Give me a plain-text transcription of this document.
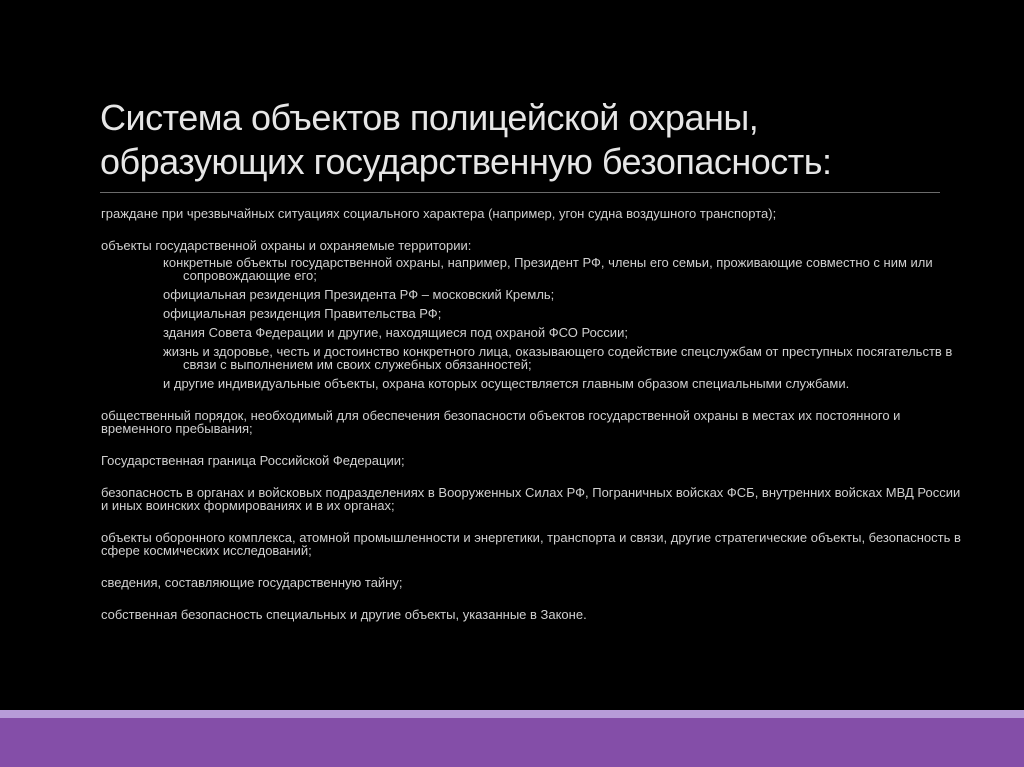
Система объектов полицейской охраны,
образующих государственную безопасность:
граждане при чрезвычайных ситуациях социального характера (например, угон судна воздушного транспорта);
объекты государственной охраны и охраняемые территории:
конкретные объекты государственной охраны, например, Президент РФ, члены его семьи, проживающие совместно с ним или сопровождающие его;
официальная резиденция Президента РФ – московский Кремль;
официальная резиденция Правительства РФ;
здания Совета Федерации и другие, находящиеся под охраной ФСО России;
жизнь и здоровье, честь и достоинство конкретного лица, оказывающего содействие спецслужбам от преступных посягательств в связи с выполнением им своих служебных обязанностей;
и другие индивидуальные объекты, охрана которых осуществляется главным образом специальными службами.
общественный порядок, необходимый для обеспечения безопасности объектов государственной охраны в местах их постоянного и временного пребывания;
Государственная граница Российской Федерации;
безопасность в органах и войсковых подразделениях в Вооруженных Силах РФ, Пограничных войсках ФСБ, внутренних войсках МВД России и иных воинских формированиях и в их органах;
объекты оборонного комплекса, атомной промышленности и энергетики, транспорта и связи, другие стратегические объекты, безопасность в сфере космических исследований;
сведения, составляющие государственную тайну;
собственная безопасность специальных и другие объекты, указанные в Законе.
